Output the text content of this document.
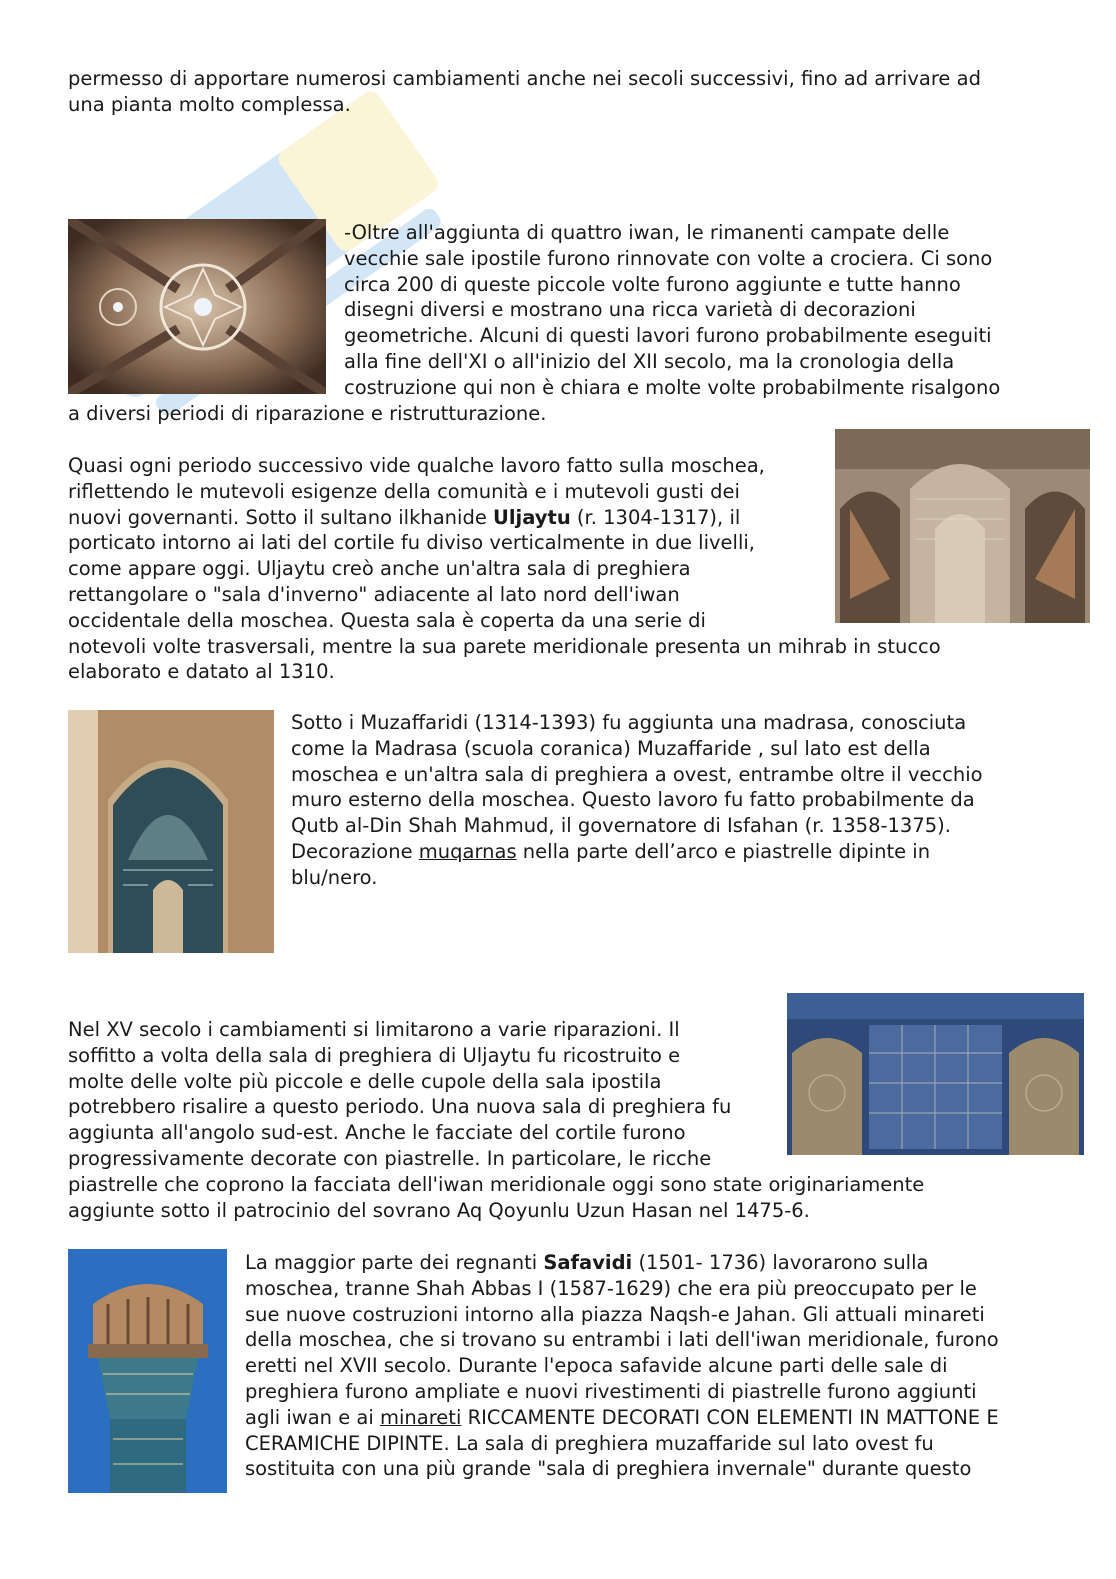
permesso di apportare numerosi cambiamenti anche nei secoli successivi, fino ad arrivare ad
una pianta molto complessa.

-Oltre all'aggiunta di quattro iwan, le rimanenti campate delle
vecchie sale ipostile furono rinnovate con volte a crociera. Ci sono
circa 200 di queste piccole volte furono aggiunte e tutte hanno
disegni diversi e mostrano una ricca varietà di decorazioni
geometriche. Alcuni di questi lavori furono probabilmente eseguiti
alla fine dell'XI o all'inizio del XII secolo, ma la cronologia della
costruzione qui non è chiara e molte volte probabilmente risalgono
a diversi periodi di riparazione e ristrutturazione.

Quasi ogni periodo successivo vide qualche lavoro fatto sulla moschea,
riflettendo le mutevoli esigenze della comunità e i mutevoli gusti dei
nuovi governanti. Sotto il sultano ilkhanide Uljaytu (r. 1304-1317), il
porticato intorno ai lati del cortile fu diviso verticalmente in due livelli,
come appare oggi. Uljaytu creò anche un'altra sala di preghiera
rettangolare o "sala d'inverno" adiacente al lato nord dell'iwan
occidentale della moschea. Questa sala è coperta da una serie di
notevoli volte trasversali, mentre la sua parete meridionale presenta un mihrab in stucco
elaborato e datato al 1310.

Sotto i Muzaffaridi (1314-1393) fu aggiunta una madrasa, conosciuta
come la Madrasa (scuola coranica) Muzaffaride , sul lato est della
moschea e un'altra sala di preghiera a ovest, entrambe oltre il vecchio
muro esterno della moschea. Questo lavoro fu fatto probabilmente da
Qutb al-Din Shah Mahmud, il governatore di Isfahan (r. 1358-1375).
Decorazione muqarnas nella parte dell’arco e piastrelle dipinte in
blu/nero.

Nel XV secolo i cambiamenti si limitarono a varie riparazioni. Il
soffitto a volta della sala di preghiera di Uljaytu fu ricostruito e
molte delle volte più piccole e delle cupole della sala ipostila
potrebbero risalire a questo periodo. Una nuova sala di preghiera fu
aggiunta all'angolo sud-est. Anche le facciate del cortile furono
progressivamente decorate con piastrelle. In particolare, le ricche
piastrelle che coprono la facciata dell'iwan meridionale oggi sono state originariamente
aggiunte sotto il patrocinio del sovrano Aq Qoyunlu Uzun Hasan nel 1475-6.

La maggior parte dei regnanti Safavidi (1501- 1736) lavorarono sulla
moschea, tranne Shah Abbas I (1587-1629) che era più preoccupato per le
sue nuove costruzioni intorno alla piazza Naqsh-e Jahan. Gli attuali minareti
della moschea, che si trovano su entrambi i lati dell'iwan meridionale, furono
eretti nel XVII secolo. Durante l'epoca safavide alcune parti delle sale di
preghiera furono ampliate e nuovi rivestimenti di piastrelle furono aggiunti
agli iwan e ai minareti RICCAMENTE DECORATI CON ELEMENTI IN MATTONE E
CERAMICHE DIPINTE. La sala di preghiera muzaffaride sul lato ovest fu
sostituita con una più grande "sala di preghiera invernale" durante questo
